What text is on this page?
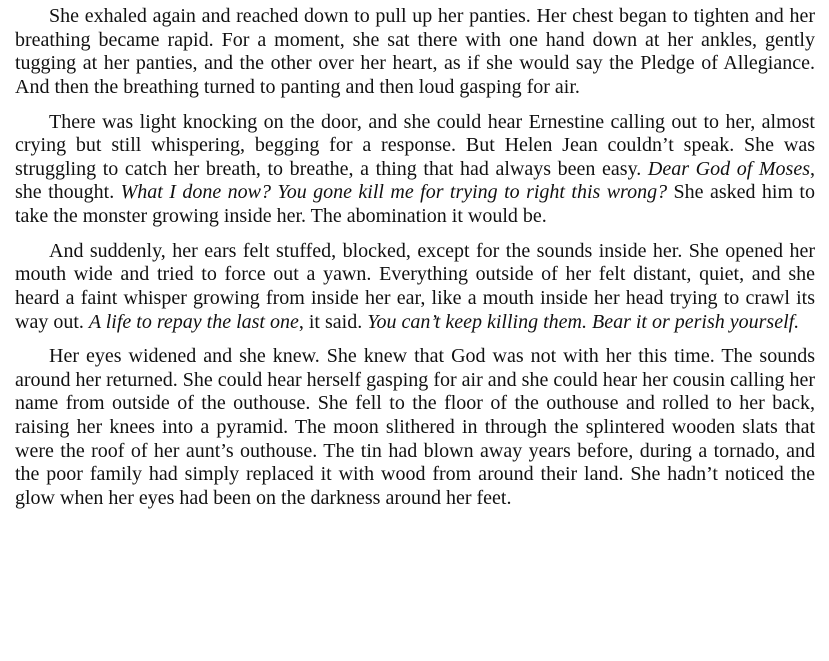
She exhaled again and reached down to pull up her panties. Her chest began to tighten and her breathing became rapid. For a moment, she sat there with one hand down at her ankles, gently tugging at her panties, and the other over her heart, as if she would say the Pledge of Allegiance. And then the breathing turned to panting and then loud gasping for air.

There was light knocking on the door, and she could hear Ernestine calling out to her, almost crying but still whispering, begging for a response. But Helen Jean couldn’t speak. She was struggling to catch her breath, to breathe, a thing that had always been easy. Dear God of Moses, she thought. What I done now? You gone kill me for trying to right this wrong? She asked him to take the monster growing inside her. The abomination it would be.

And suddenly, her ears felt stuffed, blocked, except for the sounds inside her. She opened her mouth wide and tried to force out a yawn. Everything outside of her felt distant, quiet, and she heard a faint whisper growing from inside her ear, like a mouth inside her head trying to crawl its way out. A life to repay the last one, it said. You can’t keep killing them. Bear it or perish yourself.

Her eyes widened and she knew. She knew that God was not with her this time. The sounds around her returned. She could hear herself gasping for air and she could hear her cousin calling her name from outside of the outhouse. She fell to the floor of the outhouse and rolled to her back, raising her knees into a pyramid. The moon slithered in through the splintered wooden slats that were the roof of her aunt’s outhouse. The tin had blown away years before, during a tornado, and the poor family had simply replaced it with wood from around their land. She hadn’t noticed the glow when her eyes had been on the darkness around her feet.
